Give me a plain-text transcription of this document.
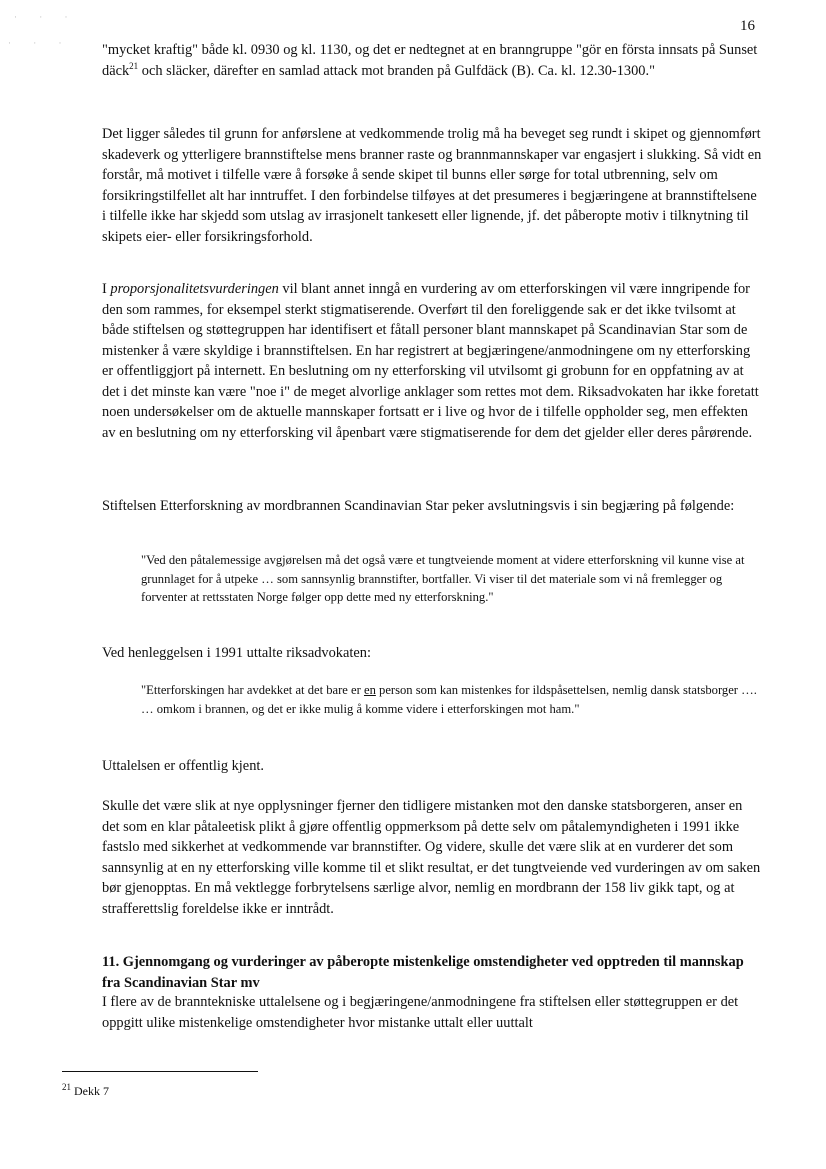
· · ·
· · ·
16
"mycket kraftig" både kl. 0930 og kl. 1130, og det er nedtegnet at en branngruppe "gör en första innsats på Sunset däck$^{21}$ och släcker, därefter en samlad attack mot branden på Gulfdäck (B). Ca. kl. 12.30-1300."
Det ligger således til grunn for anførslene at vedkommende trolig må ha beveget seg rundt i skipet og gjennomført skadeverk og ytterligere brannstiftelse mens branner raste og brannmannskaper var engasjert i slukking. Så vidt en forstår, må motivet i tilfelle være å forsøke å sende skipet til bunns eller sørge for total utbrenning, selv om forsikringstilfellet alt har inntruffet. I den forbindelse tilføyes at det presumeres i begjæringene at brannstiftelsene i tilfelle ikke har skjedd som utslag av irrasjonelt tankesett eller lignende, jf. det påberopte motiv i tilknytning til skipets eier- eller forsikringsforhold.
I proporsjonalitetsvurderingen vil blant annet inngå en vurdering av om etterforskingen vil være inngripende for den som rammes, for eksempel sterkt stigmatiserende. Overført til den foreliggende sak er det ikke tvilsomt at både stiftelsen og støttegruppen har identifisert et fåtall personer blant mannskapet på Scandinavian Star som de mistenker å være skyldige i brannstiftelsen. En har registrert at begjæringene/anmodningene om ny etterforsking er offentliggjort på internett. En beslutning om ny etterforsking vil utvilsomt gi grobunn for en oppfatning av at det i det minste kan være "noe i" de meget alvorlige anklager som rettes mot dem. Riksadvokaten har ikke foretatt noen undersøkelser om de aktuelle mannskaper fortsatt er i live og hvor de i tilfelle oppholder seg, men effekten av en beslutning om ny etterforsking vil åpenbart være stigmatiserende for dem det gjelder eller deres pårørende.
Stiftelsen Etterforskning av mordbrannen Scandinavian Star peker avslutningsvis i sin begjæring på følgende:
"Ved den påtalemessige avgjørelsen må det også være et tungtveiende moment at videre etterforskning vil kunne vise at grunnlaget for å utpeke … som sannsynlig brannstifter, bortfaller. Vi viser til det materiale som vi nå fremlegger og forventer at rettsstaten Norge følger opp dette med ny etterforskning."
Ved henleggelsen i 1991 uttalte riksadvokaten:
"Etterforskingen har avdekket at det bare er en person som kan mistenkes for ildspåsettelsen, nemlig dansk statsborger …. … omkom i brannen, og det er ikke mulig å komme videre i etterforskingen mot ham."
Uttalelsen er offentlig kjent.
Skulle det være slik at nye opplysninger fjerner den tidligere mistanken mot den danske statsborgeren, anser en det som en klar påtaleetisk plikt å gjøre offentlig oppmerksom på dette selv om påtalemyndigheten i 1991 ikke fastslo med sikkerhet at vedkommende var brannstifter. Og videre, skulle det være slik at en vurderer det som sannsynlig at en ny etterforsking ville komme til et slikt resultat, er det tungtveiende ved vurderingen av om saken bør gjenopptas. En må vektlegge forbrytelsens særlige alvor, nemlig en mordbrann der 158 liv gikk tapt, og at strafferettslig foreldelse ikke er inntrådt.
11. Gjennomgang og vurderinger av påberopte mistenkelige omstendigheter ved opptreden til mannskap fra Scandinavian Star mv
I flere av de branntekniske uttalelsene og i begjæringene/anmodningene fra stiftelsen eller støttegruppen er det oppgitt ulike mistenkelige omstendigheter hvor mistanke uttalt eller uuttalt
$^{21}$ Dekk 7
